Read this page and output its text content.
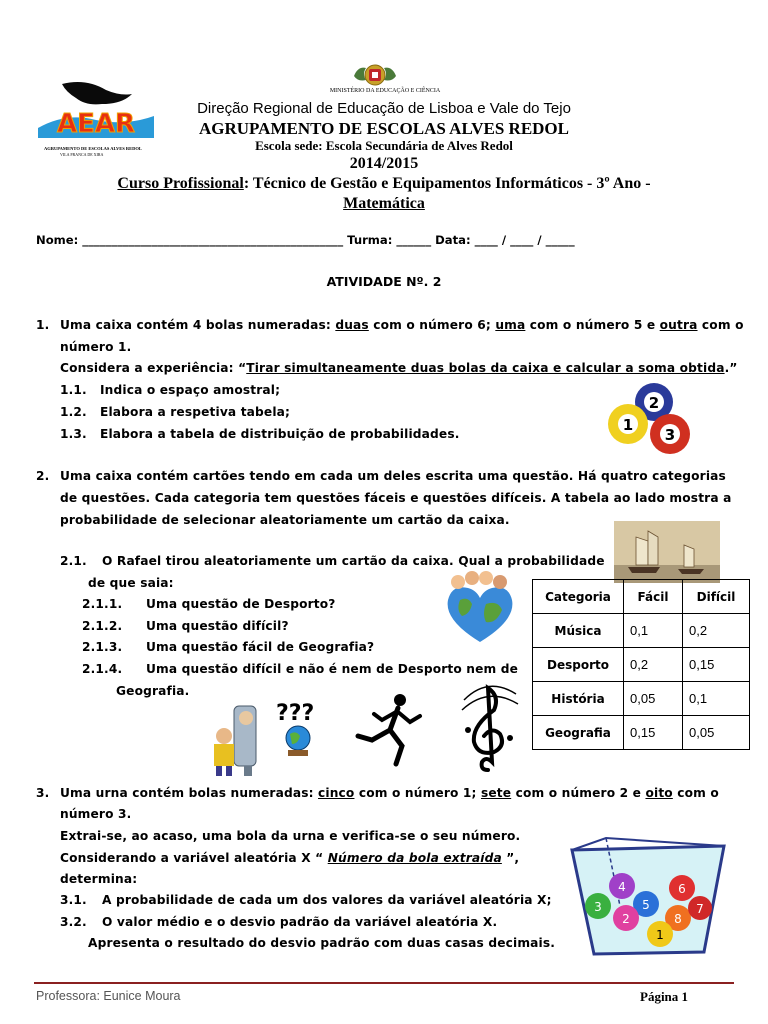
MINISTÉRIO DA EDUCAÇÃO E CIÊNCIA
AEAR
AGRUPAMENTO DE ESCOLAS ALVES REDOL
VILA FRANCA DE XIRA
Direção Regional de Educação de Lisboa e Vale do Tejo
AGRUPAMENTO DE ESCOLAS ALVES REDOL
Escola sede: Escola Secundária de Alves Redol
2014/2015
Curso Profissional: Técnico de Gestão e Equipamentos Informáticos - 3º Ano -
Matemática
Nome: _____________________________________________ Turma: ______ Data: ____ / ____ / _____
ATIVIDADE Nº. 2
1. Uma caixa contém 4 bolas numeradas: duas com o número 6; uma com o número 5 e outra com o
número 1.
Considera a experiência: “Tirar simultaneamente duas bolas da caixa e calcular a soma obtida.”
1.1. Indica o espaço amostral;
1.2. Elabora a respetiva tabela;
1.3. Elabora a tabela de distribuição de probabilidades.
2
1
3
2. Uma caixa contém cartões tendo em cada um deles escrita uma questão. Há quatro categorias
de questões. Cada categoria tem questões fáceis e questões difíceis. A tabela ao lado mostra a
probabilidade de selecionar aleatoriamente um cartão da caixa.
2.1. O Rafael tirou aleatoriamente um cartão da caixa. Qual a probabilidade
de que saia:
2.1.1. Uma questão de Desporto?
2.1.2. Uma questão difícil?
2.1.3. Uma questão fácil de Geografia?
2.1.4. Uma questão difícil e não é nem de Desporto nem de
Geografia.
Categoria	Fácil	Difícil
Música	0,1	0,2
Desporto	0,2	0,15
História	0,05	0,1
Geografia	0,15	0,05
???
3. Uma urna contém bolas numeradas: cinco com o número 1; sete com o número 2 e oito com o
número 3.
Extrai-se, ao acaso, uma bola da urna e verifica-se o seu número.
Considerando a variável aleatória X “ Número da bola extraída ”,
determina:
3.1. A probabilidade de cada um dos valores da variável aleatória X;
3.2. O valor médio e o desvio padrão da variável aleatória X.
Apresenta o resultado do desvio padrão com duas casas decimais.
4	6
3	5
2	8
7
1
Professora: Eunice Moura	Página 1
